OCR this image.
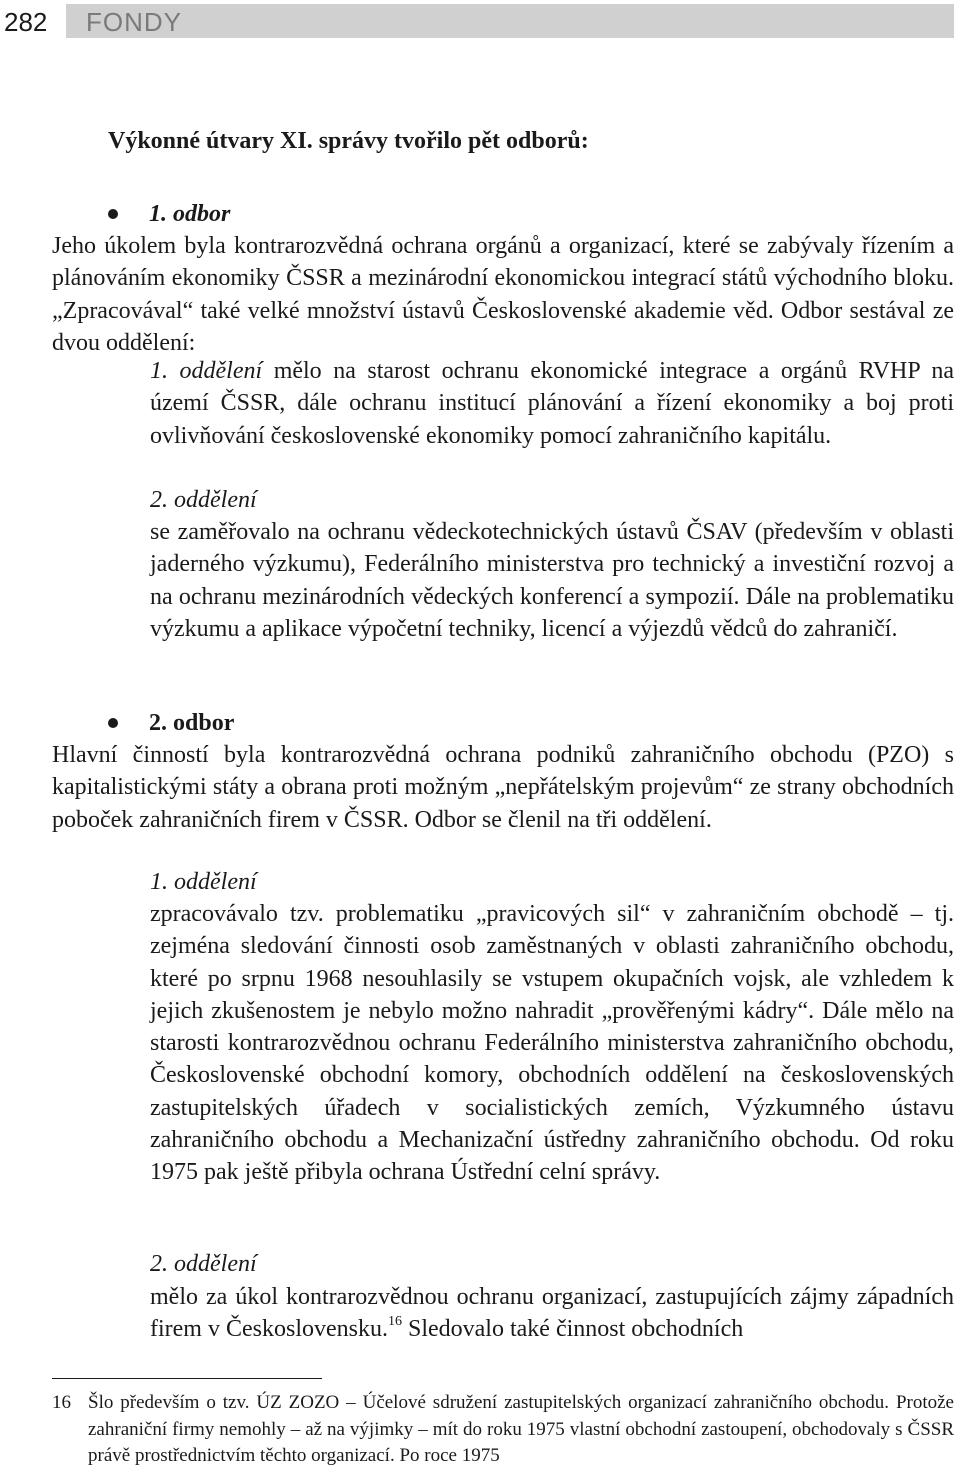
282	FONDY
Výkonné útvary XI. správy tvořilo pět odborů:
1. odbor
Jeho úkolem byla kontrarozvědná ochrana orgánů a organizací, které se zabývaly řízením a plánováním ekonomiky ČSSR a mezinárodní ekonomickou integrací států východního bloku. „Zpracovával“ také velké množství ústavů Československé akademie věd. Odbor sestával ze dvou oddělení:
1. oddělení mělo na starost ochranu ekonomické integrace a orgánů RVHP na území ČSSR, dále ochranu institucí plánování a řízení ekonomiky a boj proti ovlivňování československé ekonomiky pomocí zahraničního kapitálu.
2. oddělení
se zaměřovalo na ochranu vědeckotechnických ústavů ČSAV (především v oblasti jaderného výzkumu), Federálního ministerstva pro technický a investiční rozvoj a na ochranu mezinárodních vědeckých konferencí a sympozií. Dále na problematiku výzkumu a aplikace výpočetní techniky, licencí a výjezdů vědců do zahraničí.
2. odbor
Hlavní činností byla kontrarozvědná ochrana podniků zahraničního obchodu (PZO) s kapitalistickými státy a obrana proti možným „nepřátelským projevům“ ze strany obchodních poboček zahraničních firem v ČSSR. Odbor se členil na tři oddělení.
1. oddělení
zpracovávalo tzv. problematiku „pravicových sil“ v zahraničním obchodě – tj. zejména sledování činnosti osob zaměstnaných v oblasti zahraničního obchodu, které po srpnu 1968 nesouhlasily se vstupem okupačních vojsk, ale vzhledem k jejich zkušenostem je nebylo možno nahradit „prověřenými kádry“. Dále mělo na starosti kontrarozvědnou ochranu Federálního ministerstva zahraničního obchodu, Československé obchodní komory, obchodních oddělení na československých zastupitelských úřadech v socialistických zemích, Výzkumného ústavu zahraničního obchodu a Mechanizační ústředny zahraničního obchodu. Od roku 1975 pak ještě přibyla ochrana Ústřední celní správy.
2. oddělení
mělo za úkol kontrarozvědnou ochranu organizací, zastupujících zájmy západních firem v Československu.$^{16}$ Sledovalo také činnost obchodních
16 Šlo především o tzv. ÚZ ZOZO – Účelové sdružení zastupitelských organizací zahraničního obchodu. Protože zahraniční firmy nemohly – až na výjimky – mít do roku 1975 vlastní obchodní zastoupení, obchodovaly s ČSSR právě prostřednictvím těchto organizací. Po roce 1975
